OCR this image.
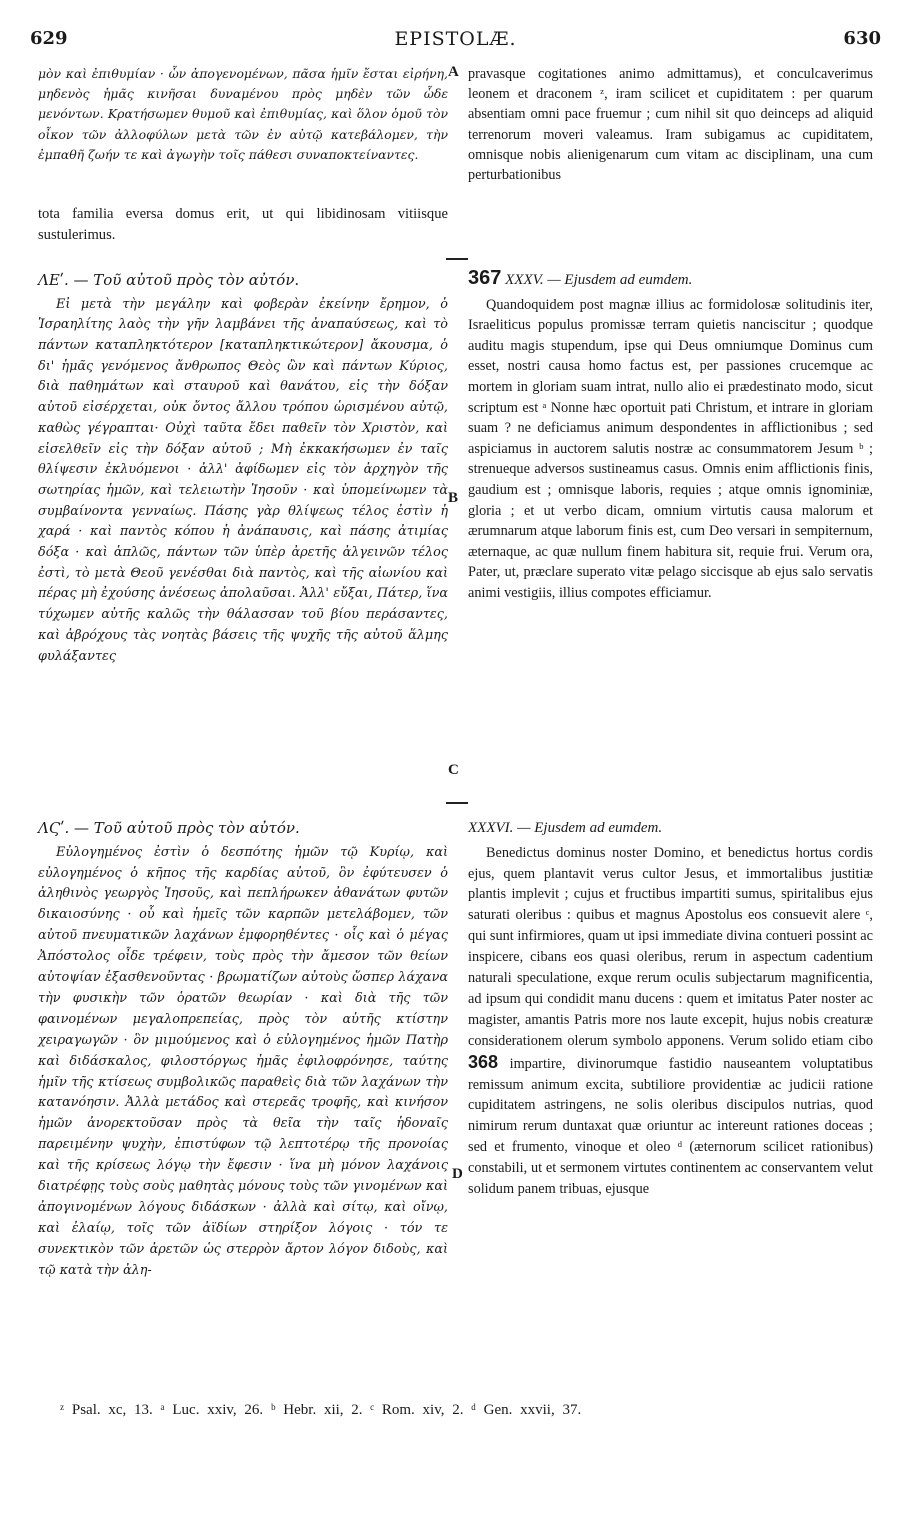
629	EPISTOLÆ.	630

μὸν καὶ ἐπιθυμίαν · ὧν ἀπογενομένων, πᾶσα ἡμῖν ἔσται εἰρήνη, μηδενὸς ἡμᾶς κινῆσαι δυναμένου πρὸς μηδὲν τῶν ὧδε μενόντων. Κρατήσωμεν θυμοῦ καὶ ἐπιθυμίας, καὶ ὅλον ὁμοῦ τὸν οἶκον τῶν ἀλλοφύλων μετὰ τῶν ἐν αὐτῷ κατεβάλομεν, τὴν ἐμπαθῆ ζωήν τε καὶ ἀγωγὴν τοῖς πάθεσι συναποκτείναντες.

tota familia eversa domus erit, ut qui libidinosam vitiisque sustulerimus.

pravasque cogitationes animo admittamus), et conculcaverimus leonem et draconem ᶻ, iram scilicet et cupiditatem : per quarum absentiam omni pace fruemur ; cum nihil sit quo deinceps ad aliquid terrenorum moveri valeamus. Iram subigamus ac cupiditatem, omnisque nobis alienigenarum cum vitam ac disciplinam, una cum perturbationibus

ΛΕʹ. — Τοῦ αὐτοῦ πρὸς τὸν αὐτόν.

Εἰ μετὰ τὴν μεγάλην καὶ φοβερὰν ἐκείνην ἔρημον, ὁ Ἰσραηλίτης λαὸς τὴν γῆν λαμβάνει τῆς ἀναπαύσεως, καὶ τὸ πάντων καταπληκτότερον [καταπληκτικώτερον] ἄκουσμα, ὁ δι' ἡμᾶς γενόμενος ἄνθρωπος Θεὸς ὢν καὶ πάντων Κύριος, διὰ παθημάτων καὶ σταυροῦ καὶ θανάτου, εἰς τὴν δόξαν αὐτοῦ εἰσέρχεται, οὐκ ὄντος ἄλλου τρόπου ὡρισμένου αὐτῷ, καθὼς γέγραπται· Οὐχὶ ταῦτα ἔδει παθεῖν τὸν Χριστὸν, καὶ εἰσελθεῖν εἰς τὴν δόξαν αὐτοῦ ; Μὴ ἐκκακήσωμεν ἐν ταῖς θλίψεσιν ἐκλυόμενοι · ἀλλ' ἀφίδωμεν εἰς τὸν ἀρχηγὸν τῆς σωτηρίας ἡμῶν, καὶ τελειωτὴν Ἰησοῦν · καὶ ὑπομείνωμεν τὰ συμβαίνοντα γενναίως. Πάσης γὰρ θλίψεως τέλος ἐστὶν ἡ χαρά · καὶ παντὸς κόπου ἡ ἀνάπαυσις, καὶ πάσης ἀτιμίας δόξα · καὶ ἁπλῶς, πάντων τῶν ὑπὲρ ἀρετῆς ἀλγεινῶν τέλος ἐστὶ, τὸ μετὰ Θεοῦ γενέσθαι διὰ παντὸς, καὶ τῆς αἰωνίου καὶ πέρας μὴ ἐχούσης ἀνέσεως ἀπολαῦσαι. Ἀλλ' εὔξαι, Πάτερ, ἵνα τύχωμεν αὐτῆς καλῶς τὴν θάλασσαν τοῦ βίου περάσαντες, καὶ ἀβρόχους τὰς νοητὰς βάσεις τῆς ψυχῆς τῆς αὐτοῦ ἅλμης φυλάξαντες

367 XXXV. — Ejusdem ad eumdem.

Quandoquidem post magnæ illius ac formidolosæ solitudinis iter, Israeliticus populus promissæ terram quietis nanciscitur ; quodque auditu magis stupendum, ipse qui Deus omniumque Dominus cum esset, nostri causa homo factus est, per passiones crucemque ac mortem in gloriam suam intrat, nullo alio ei prædestinato modo, sicut scriptum est ᵃ Nonne hæc oportuit pati Christum, et intrare in gloriam suam ? ne deficiamus animum despondentes in afflictionibus ; sed aspiciamus in auctorem salutis nostræ ac consummatorem Jesum ᵇ ; strenueque adversos sustineamus casus. Omnis enim afflictionis finis, gaudium est ; omnisque laboris, requies ; atque omnis ignominiæ, gloria ; et ut verbo dicam, omnium virtutis causa malorum et ærumnarum atque laborum finis est, cum Deo versari in sempiternum, æternaque, ac quæ nullum finem habitura sit, requie frui. Verum ora, Pater, ut, præclare superato vitæ pelago siccisque ab ejus salo servatis animi vestigiis, illius compotes efficiamur.

ΛϚʹ. — Τοῦ αὐτοῦ πρὸς τὸν αὐτόν.

Εὐλογημένος ἐστὶν ὁ δεσπότης ἡμῶν τῷ Κυρίῳ, καὶ εὐλογημένος ὁ κῆπος τῆς καρδίας αὐτοῦ, ὃν ἐφύτευσεν ὁ ἀληθινὸς γεωργὸς Ἰησοῦς, καὶ πεπλήρωκεν ἀθανάτων φυτῶν δικαιοσύνης · οὗ καὶ ἡμεῖς τῶν καρπῶν μετελάβομεν, τῶν αὐτοῦ πνευματικῶν λαχάνων ἐμφορηθέντες · οἷς καὶ ὁ μέγας Ἀπόστολος οἶδε τρέφειν, τοὺς πρὸς τὴν ἄμεσον τῶν θείων αὐτοψίαν ἐξασθενοῦντας · βρωματίζων αὐτοὺς ὥσπερ λάχανα τὴν φυσικὴν τῶν ὁρατῶν θεωρίαν · καὶ διὰ τῆς τῶν φαινομένων μεγαλοπρεπείας, πρὸς τὸν αὐτῆς κτίστην χειραγωγῶν · ὃν μιμούμενος καὶ ὁ εὐλογημένος ἡμῶν Πατὴρ καὶ διδάσκαλος, φιλοστόργως ἡμᾶς ἐφιλοφρόνησε, ταύτης ἡμῖν τῆς κτίσεως συμβολικῶς παραθεὶς διὰ τῶν λαχάνων τὴν κατανόησιν. Ἀλλὰ μετάδος καὶ στερεᾶς τροφῆς, καὶ κινήσον ἡμῶν ἀνορεκτοῦσαν πρὸς τὰ θεῖα τὴν ταῖς ἡδοναῖς παρειμένην ψυχὴν, ἐπιστύφων τῷ λεπτοτέρῳ τῆς προνοίας καὶ τῆς κρίσεως λόγῳ τὴν ἔφεσιν · ἵνα μὴ μόνον λαχάνοις διατρέφῃς τοὺς σοὺς μαθητὰς μόνους τοὺς τῶν γινομένων καὶ ἀπογινομένων λόγους διδάσκων · ἀλλὰ καὶ σίτῳ, καὶ οἴνῳ, καὶ ἐλαίῳ, τοῖς τῶν ἀϊδίων στηρίξον λόγοις · τόν τε συνεκτικὸν τῶν ἀρετῶν ὡς στερρὸν ἄρτον λόγον διδοὺς, καὶ τῷ κατὰ τὴν ἀλη-

XXXVI. — Ejusdem ad eumdem.

Benedictus dominus noster Domino, et benedictus hortus cordis ejus, quem plantavit verus cultor Jesus, et immortalibus justitiæ plantis implevit ; cujus et fructibus impartiti sumus, spiritalibus ejus saturati oleribus : quibus et magnus Apostolus eos consuevit alere ᶜ, qui sunt infirmiores, quam ut ipsi immediate divina contueri possint ac inspicere, cibans eos quasi oleribus, rerum in aspectum cadentium naturali speculatione, exque rerum oculis subjectarum magnificentia, ad ipsum qui condidit manu ducens : quem et imitatus Pater noster ac magister, amantis Patris more nos laute excepit, hujus nobis creaturæ considerationem olerum symbolo apponens. Verum solido etiam cibo 368 impartire, divinorumque fastidio nauseantem voluptatibus remissum animum excita, subtiliore providentiæ ac judicii ratione cupiditatem astringens, ne solis oleribus discipulos nutrias, quod nimirum rerum duntaxat quæ oriuntur ac intereunt rationes doceas ; sed et frumento, vinoque et oleo ᵈ (æternorum scilicet rationibus) constabili, ut et sermonem virtutes continentem ac conservantem velut solidum panem tribuas, ejusque

A
B
C
D
ᶻ Psal. xc, 13. ᵃ Luc. xxiv, 26. ᵇ Hebr. xii, 2. ᶜ Rom. xiv, 2. ᵈ Gen. xxvii, 37.
